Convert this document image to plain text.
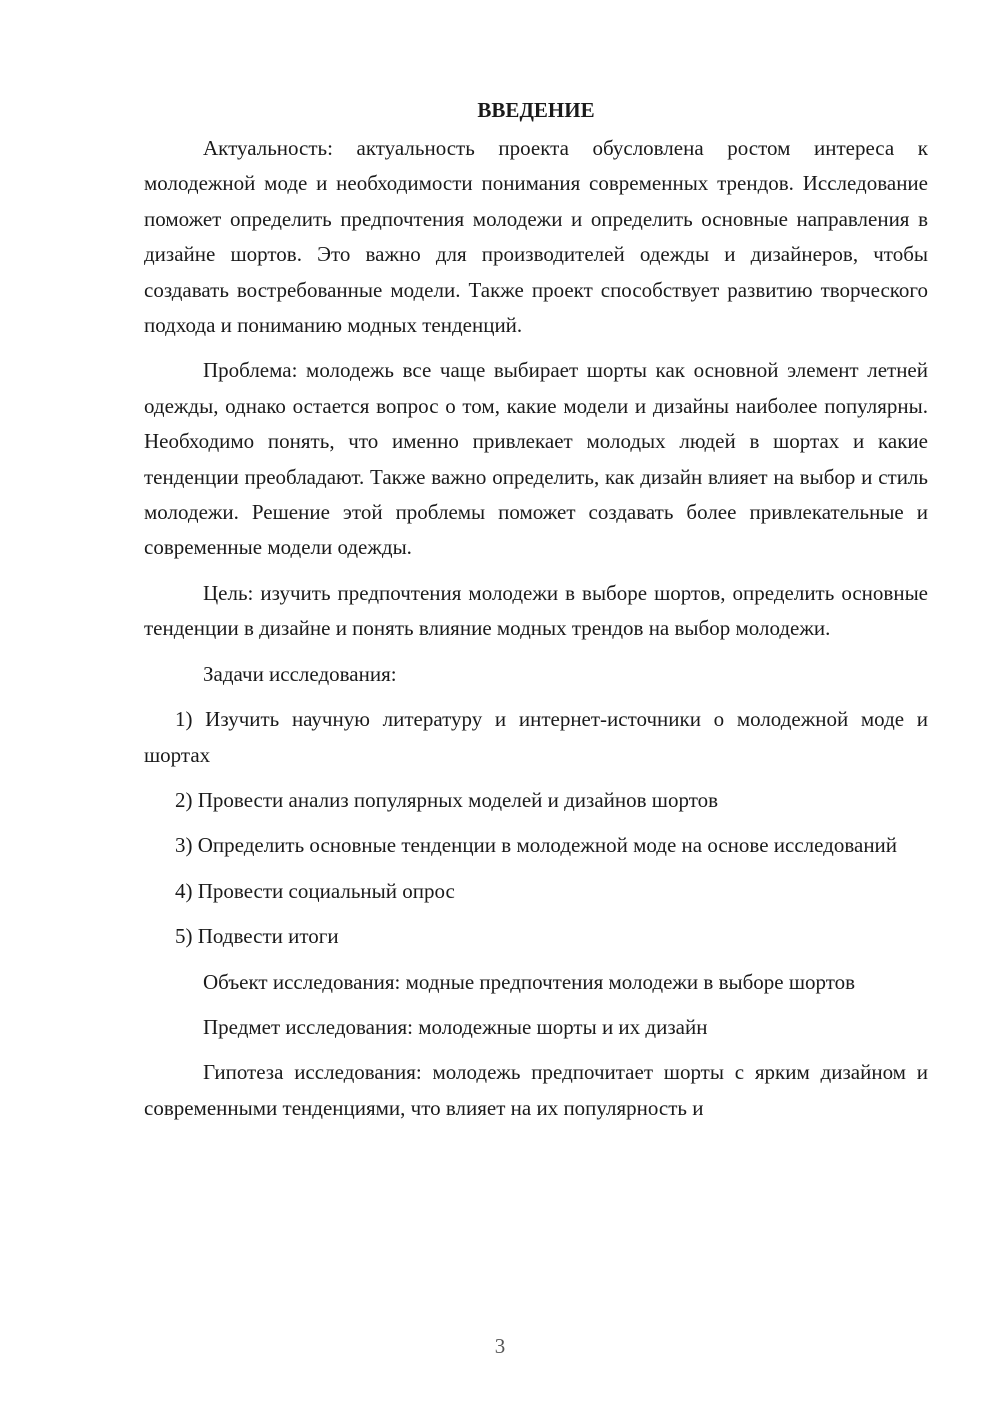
ВВЕДЕНИЕ

Актуальность: актуальность проекта обусловлена ростом интереса к молодежной моде и необходимости понимания современных трендов. Исследование поможет определить предпочтения молодежи и определить основные направления в дизайне шортов. Это важно для производителей одежды и дизайнеров, чтобы создавать востребованные модели. Также проект способствует развитию творческого подхода и пониманию модных тенденций.

Проблема: молодежь все чаще выбирает шорты как основной элемент летней одежды, однако остается вопрос о том, какие модели и дизайны наиболее популярны. Необходимо понять, что именно привлекает молодых людей в шортах и какие тенденции преобладают. Также важно определить, как дизайн влияет на выбор и стиль молодежи. Решение этой проблемы поможет создавать более привлекательные и современные модели одежды.

Цель: изучить предпочтения молодежи в выборе шортов, определить основные тенденции в дизайне и понять влияние модных трендов на выбор молодежи.

Задачи исследования:

1) Изучить научную литературу и интернет-источники о молодежной моде и шортах

2) Провести анализ популярных моделей и дизайнов шортов

3) Определить основные тенденции в молодежной моде на основе исследований

4) Провести социальный опрос

5) Подвести итоги

Объект исследования: модные предпочтения молодежи в выборе шортов

Предмет исследования: молодежные шорты и их дизайн

Гипотеза исследования: молодежь предпочитает шорты с ярким дизайном и современными тенденциями, что влияет на их популярность и

3
